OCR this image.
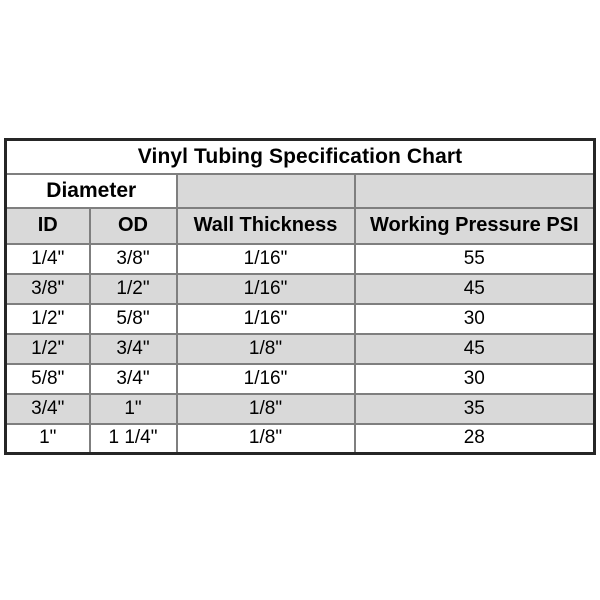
Vinyl Tubing Specification Chart			
Diameter			
ID	OD	Wall Thickness	Working Pressure PSI
1/4"	3/8"	1/16"	55
3/8"	1/2"	1/16"	45
1/2"	5/8"	1/16"	30
1/2"	3/4"	1/8"	45
5/8"	3/4"	1/16"	30
3/4"	1"	1/8"	35
1"	1 1/4"	1/8"	28
